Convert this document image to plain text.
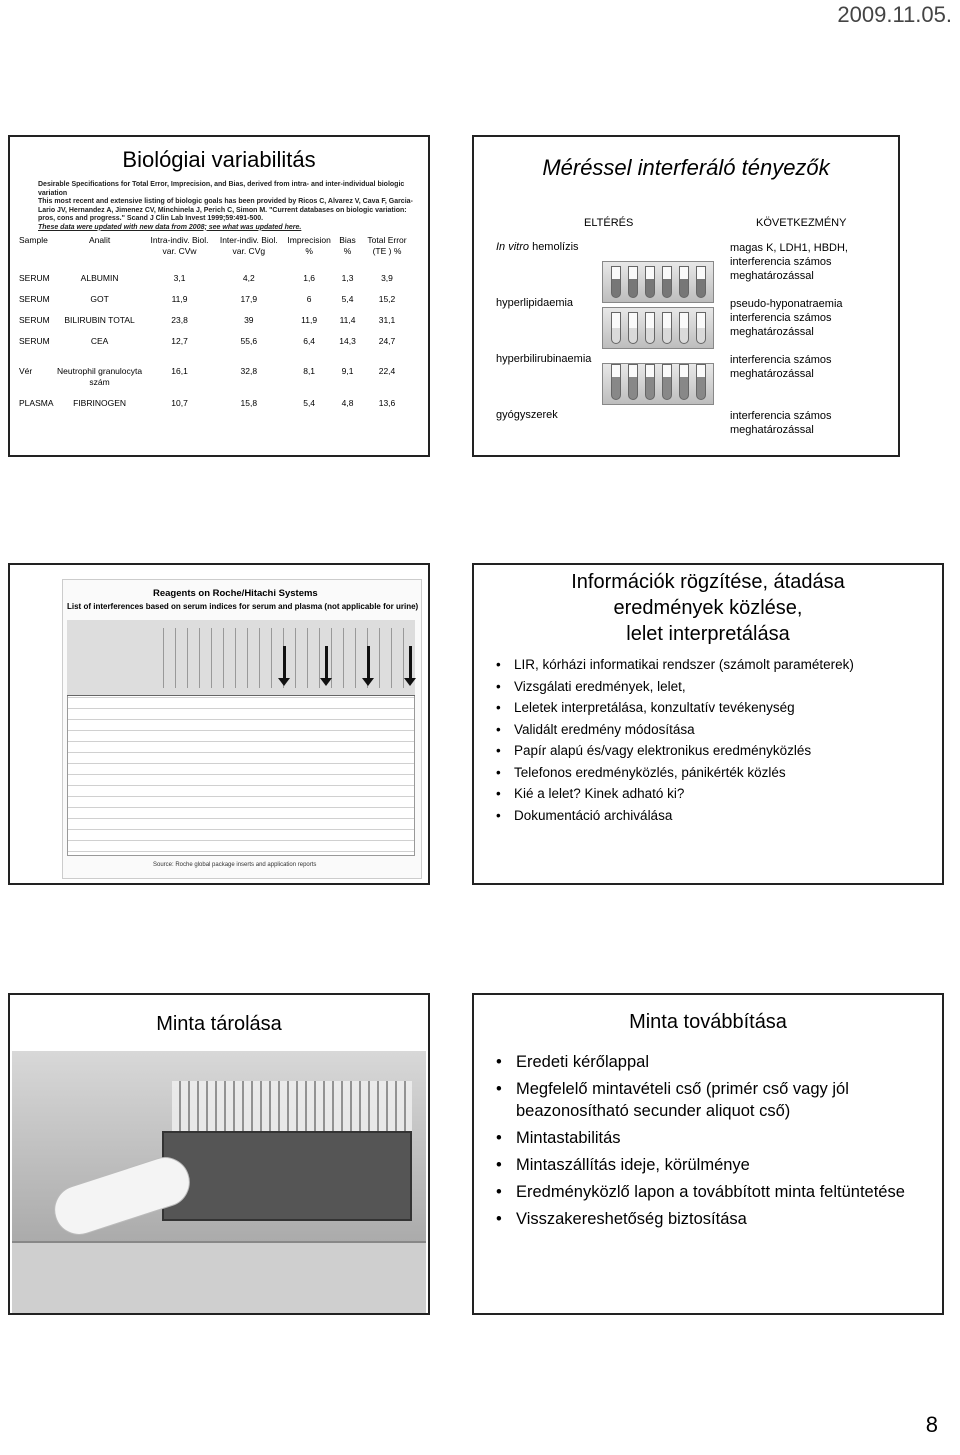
2009.11.05.
Biológiai variabilitás

Desirable Specifications for Total Error, Imprecision, and Bias, derived from intra- and inter-individual biologic variation

This most recent and extensive listing of biologic goals has been provided by Ricos C, Alvarez V, Cava F, Garcia-Lario JV, Hernandez A, Jimenez CV, Minchinela J, Perich C, Simon M. "Current databases on biologic variation: pros, cons and progress." Scand J Clin Lab Invest 1999;59:491-500.

These data were updated with new data from 2008; see what was updated here.

Sample	Analit	Intra-indiv. Biol. var. CVw	Inter-indiv. Biol. var. CVg	Imprecision %	Bias %	Total Error (TE ) %
SERUM	ALBUMIN	3,1	4,2	1,6	1,3	3,9
SERUM	GOT	11,9	17,9	6	5,4	15,2
SERUM	BILIRUBIN TOTAL	23,8	39	11,9	11,4	31,1
SERUM	CEA	12,7	55,6	6,4	14,3	24,7
Vér	Neutrophil granulocyta szám	16,1	32,8	8,1	9,1	22,4
PLASMA	FIBRINOGEN	10,7	15,8	5,4	4,8	13,6
Méréssel interferáló tényezők
ELTÉRÉS	KÖVETKEZMÉNY
In vitro hemolízis	magas K, LDH1, HBDH, interferencia számos meghatározással
hyperlipidaemia	pseudo-hyponatraemia interferencia számos meghatározással
hyperbilirubinaemia	interferencia számos meghatározással
gyógyszerek	interferencia számos meghatározással
Reagents on Roche/Hitachi Systems
List of interferences based on serum indices for serum and plasma (not applicable for urine)
Source: Roche global package inserts and application reports
Információk rögzítése, átadása
eredmények közlése,
lelet interpretálása
• LIR, kórházi informatikai rendszer (számolt paraméterek)
• Vizsgálati eredmények, lelet,
• Leletek interpretálása, konzultatív tevékenység
• Validált eredmény módosítása
• Papír alapú és/vagy elektronikus eredményközlés
• Telefonos eredményközlés, pánikérték közlés
• Kié a lelet? Kinek adható ki?
• Dokumentáció archiválása
Minta tárolása	Minta továbbítása
• Eredeti kérőlappal
• Megfelelő mintavételi cső (primér cső vagy jól beazonosítható secunder aliquot cső)
• Mintastabilitás
• Mintaszállítás ideje, körülménye
• Eredményközlő lapon a továbbított minta feltüntetése
• Visszakereshetőség biztosítása
8
